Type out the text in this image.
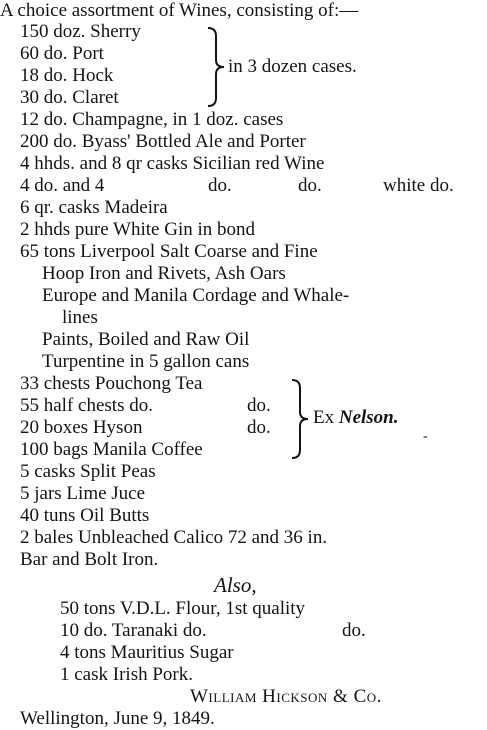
A choice assortment of Wines, consisting of:—
150 doz. Sherry
60 do. Port
18 do. Hock
30 do. Claret
in 3 dozen cases.
12 do. Champagne, in 1 doz. cases
200 do. Byass' Bottled Ale and Porter
4 hhds. and 8 qr casks Sicilian red Wine
4 do. and 4	do.	do.	white do.
6 qr. casks Madeira
2 hhds pure White Gin in bond
65 tons Liverpool Salt Coarse and Fine
Hoop Iron and Rivets, Ash Oars
Europe and Manila Cordage and Whale-
lines
Paints, Boiled and Raw Oil
Turpentine in 5 gallon cans
33 chests Pouchong Tea
55 half chests do.	do.
20 boxes Hyson	do.
100 bags Manila Coffee
Ex Nelson.
-
5 casks Split Peas
5 jars Lime Juce
40 tuns Oil Butts
2 bales Unbleached Calico 72 and 36 in.
Bar and Bolt Iron.
Also,
50 tons V.D.L. Flour, 1st quality
10 do. Taranaki do.	do.
4 tons Mauritius Sugar
1 cask Irish Pork.
William Hickson & Co.
Wellington, June 9, 1849.
